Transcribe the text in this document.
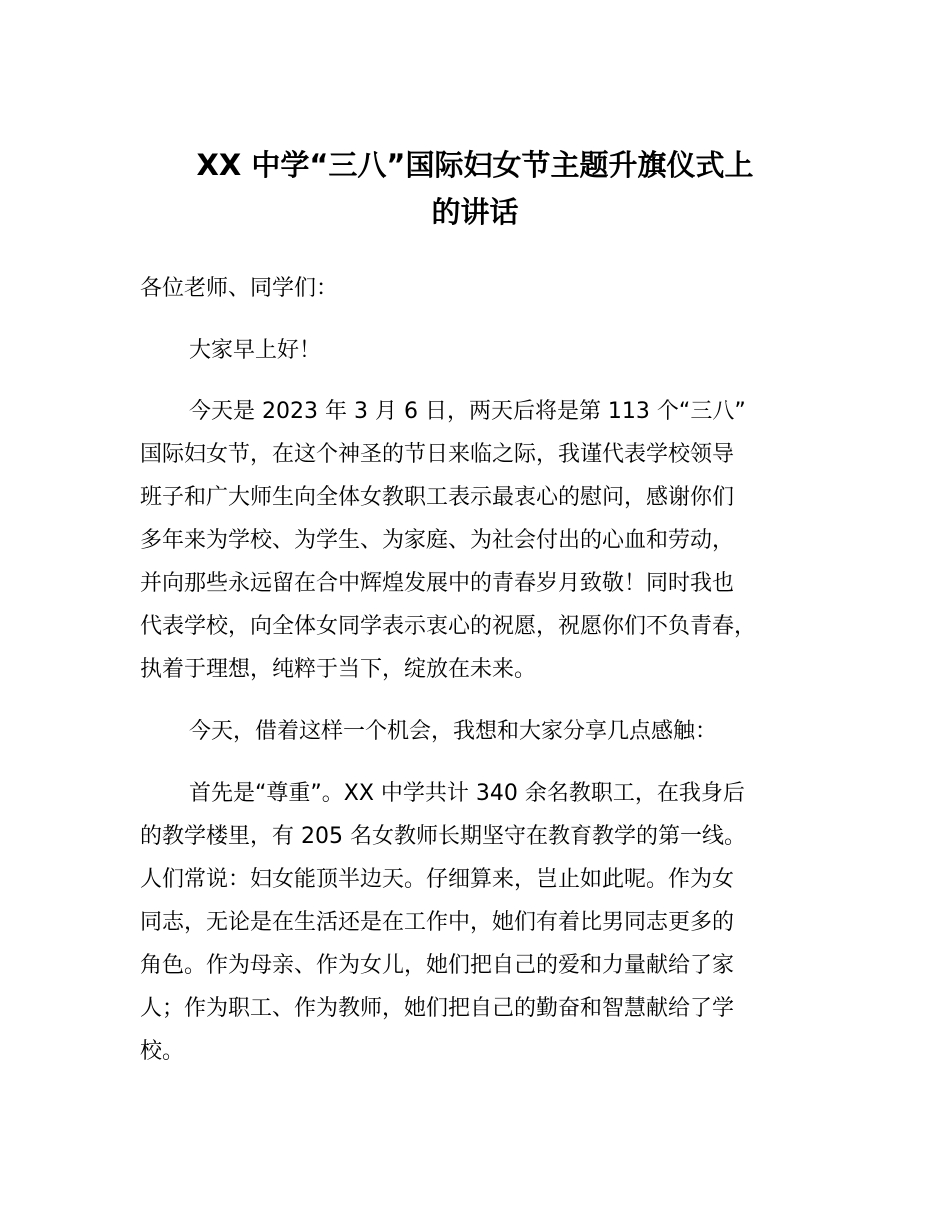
XX 中学“三八”国际妇女节主题升旗仪式上
的讲话

各位老师、同学们：

大家早上好！

今天是 2023 年 3 月 6 日，两天后将是第 113 个“三八”

国际妇女节，在这个神圣的节日来临之际，我谨代表学校领导

班子和广大师生向全体女教职工表示最衷心的慰问，感谢你们

多年来为学校、为学生、为家庭、为社会付出的心血和劳动，

并向那些永远留在合中辉煌发展中的青春岁月致敬！同时我也

代表学校，向全体女同学表示衷心的祝愿，祝愿你们不负青春，

执着于理想，纯粹于当下，绽放在未来。

今天，借着这样一个机会，我想和大家分享几点感触：

首先是“尊重”。XX 中学共计 340 余名教职工，在我身后

的教学楼里，有 205 名女教师长期坚守在教育教学的第一线。

人们常说：妇女能顶半边天。仔细算来，岂止如此呢。作为女

同志，无论是在生活还是在工作中，她们有着比男同志更多的

角色。作为母亲、作为女儿，她们把自己的爱和力量献给了家

人；作为职工、作为教师，她们把自己的勤奋和智慧献给了学

校。
